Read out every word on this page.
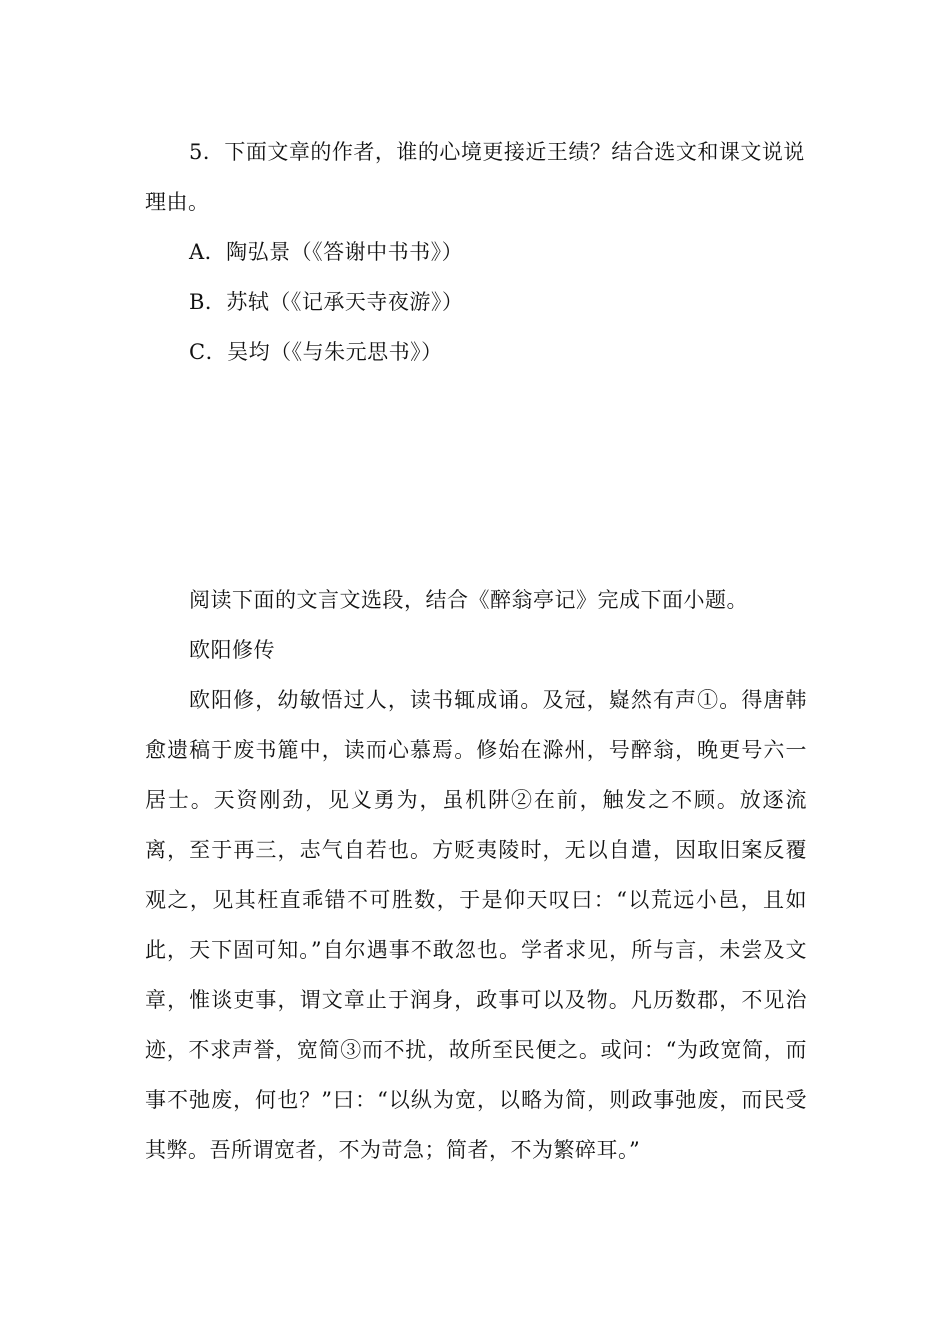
5．下面文章的作者，谁的心境更接近王绩？结合选文和课文说说理由。

A．陶弘景（《答谢中书书》）

B．苏轼（《记承天寺夜游》）

C．吴均（《与朱元思书》）

阅读下面的文言文选段，结合《醉翁亭记》完成下面小题。

欧阳修传

欧阳修，幼敏悟过人，读书辄成诵。及冠，嶷然有声①。得唐韩愈遗稿于废书簏中，读而心慕焉。修始在滁州，号醉翁，晚更号六一居士。天资刚劲，见义勇为，虽机阱②在前，触发之不顾。放逐流离，至于再三，志气自若也。方贬夷陵时，无以自遣，因取旧案反覆观之，见其枉直乖错不可胜数，于是仰天叹曰：“以荒远小邑，且如此，天下固可知。”自尔遇事不敢忽也。学者求见，所与言，未尝及文章，惟谈吏事，谓文章止于润身，政事可以及物。凡历数郡，不见治迹，不求声誉，宽简③而不扰，故所至民便之。或问：“为政宽简，而事不弛废，何也？”曰：“以纵为宽，以略为简，则政事弛废，而民受其弊。吾所谓宽者，不为苛急；简者，不为繁碎耳。”
